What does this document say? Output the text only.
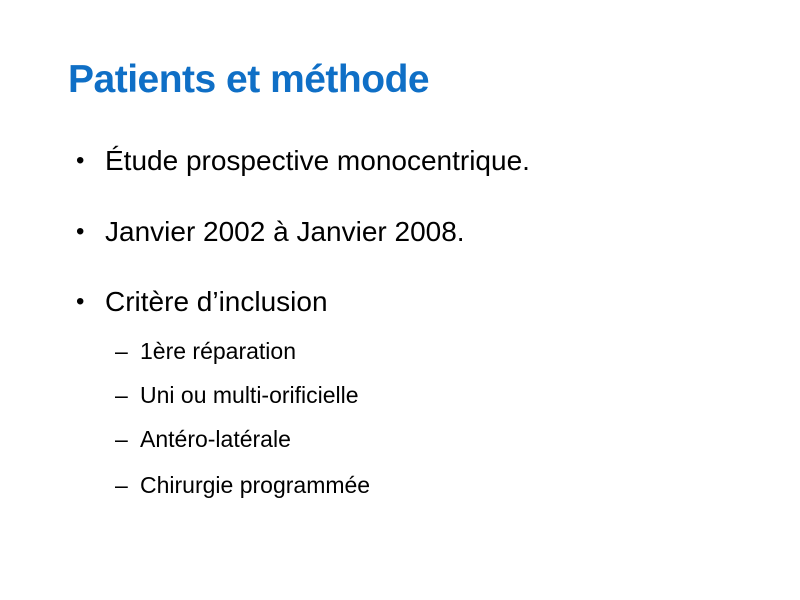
Patients et méthode
• Étude prospective monocentrique.
• Janvier 2002 à Janvier 2008.
• Critère d’inclusion
– 1ère réparation
– Uni ou multi-orificielle
– Antéro-latérale
– Chirurgie programmée
